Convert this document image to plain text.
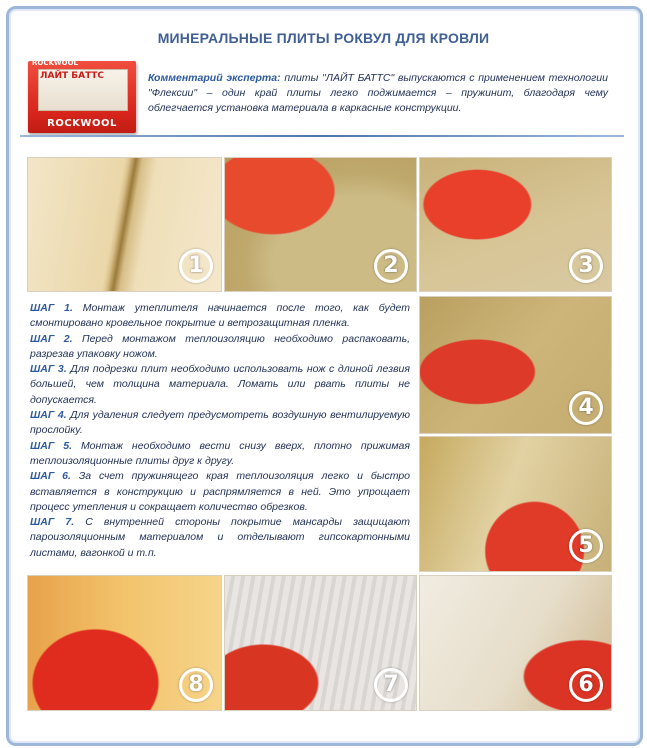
МИНЕРАЛЬНЫЕ ПЛИТЫ РОКВУЛ ДЛЯ КРОВЛИ
ROCKWOOL
ЛАЙТ БАТТС
ROCKWOOL
Комментарий эксперта: плиты "ЛАЙТ БАТТС" выпускаются с применением технологии "Флексии" – один край плиты легко поджимается – пружинит, благодаря чему облегчается установка материала в каркасные конструкции.
1	2	3
4
5
8	7	6

ШАГ 1. Монтаж утеплителя начинается после того, как будет смонтировано кровельное покрытие и ветрозащитная пленка.

ШАГ 2. Перед монтажом теплоизоляцию необходимо распаковать, разрезав упаковку ножом.

ШАГ 3. Для подрезки плит необходимо использовать нож с длиной лезвия большей, чем толщина материала. Ломать или рвать плиты не допускается.

ШАГ 4. Для удаления следует предусмотреть воздушную вентилируемую прослойку.

ШАГ 5. Монтаж необходимо вести снизу вверх, плотно прижимая теплоизоляционные плиты друг к другу.

ШАГ 6. За счет пружинящего края теплоизоляция легко и быстро вставляется в конструкцию и распрямляется в ней. Это упрощает процесс утепления и сокращает количество обрезков.

ШАГ 7. С внутренней стороны покрытие мансарды защищают пароизоляционным материалом и отделывают гипсокартонными листами, вагонкой и т.п.
